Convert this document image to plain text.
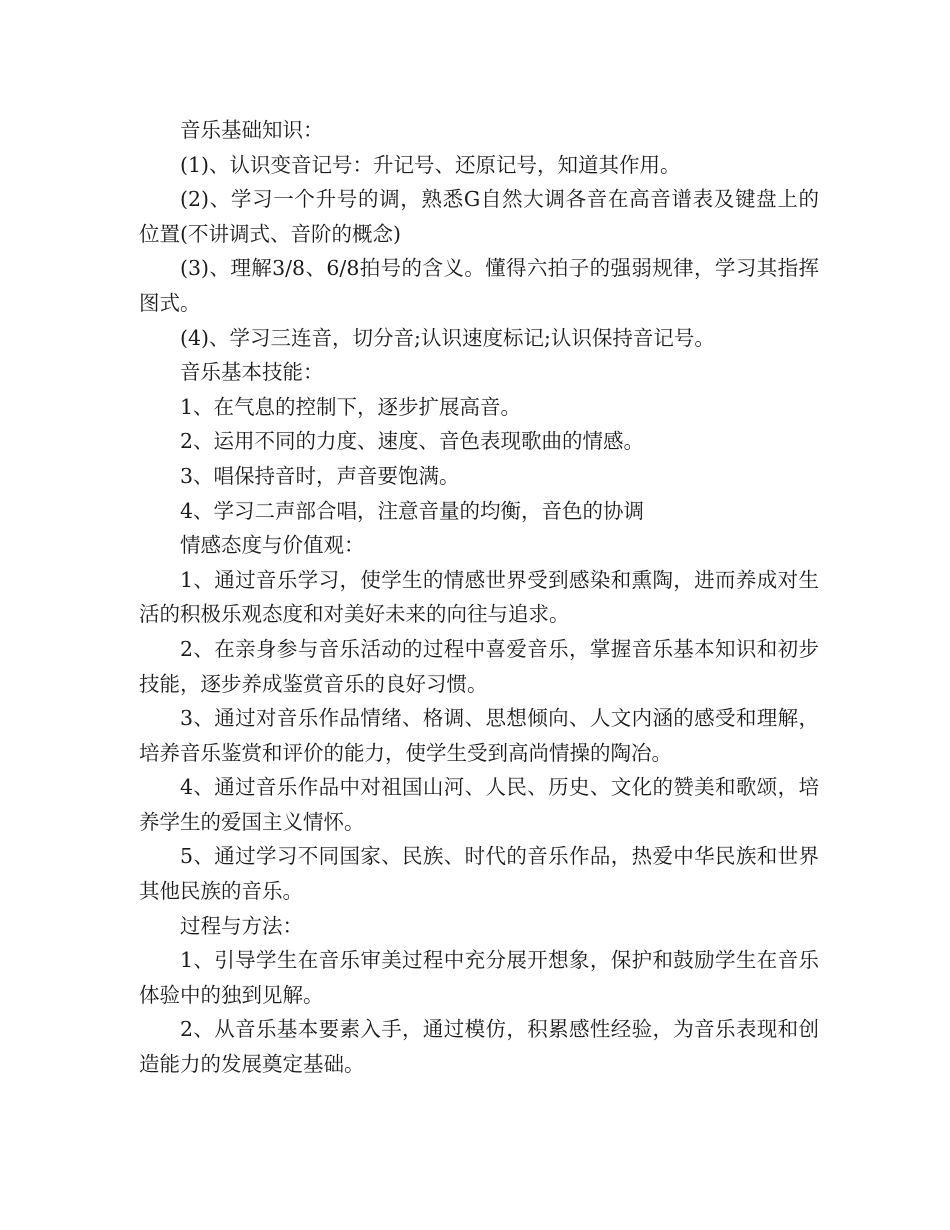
音乐基础知识：

(1)、认识变音记号：升记号、还原记号，知道其作用。

(2)、学习一个升号的调，熟悉G自然大调各音在高音谱表及键盘上的位置(不讲调式、音阶的概念)

(3)、理解3/8、6/8拍号的含义。懂得六拍子的强弱规律，学习其指挥图式。

(4)、学习三连音，切分音;认识速度标记;认识保持音记号。

音乐基本技能：

1、在气息的控制下，逐步扩展高音。

2、运用不同的力度、速度、音色表现歌曲的情感。

3、唱保持音时，声音要饱满。

4、学习二声部合唱，注意音量的均衡，音色的协调

情感态度与价值观：

1、通过音乐学习，使学生的情感世界受到感染和熏陶，进而养成对生活的积极乐观态度和对美好未来的向往与追求。

2、在亲身参与音乐活动的过程中喜爱音乐，掌握音乐基本知识和初步技能，逐步养成鉴赏音乐的良好习惯。

3、通过对音乐作品情绪、格调、思想倾向、人文内涵的感受和理解，培养音乐鉴赏和评价的能力，使学生受到高尚情操的陶冶。

4、通过音乐作品中对祖国山河、人民、历史、文化的赞美和歌颂，培养学生的爱国主义情怀。

5、通过学习不同国家、民族、时代的音乐作品，热爱中华民族和世界其他民族的音乐。

过程与方法：

1、引导学生在音乐审美过程中充分展开想象，保护和鼓励学生在音乐体验中的独到见解。

2、从音乐基本要素入手，通过模仿，积累感性经验，为音乐表现和创造能力的发展奠定基础。
